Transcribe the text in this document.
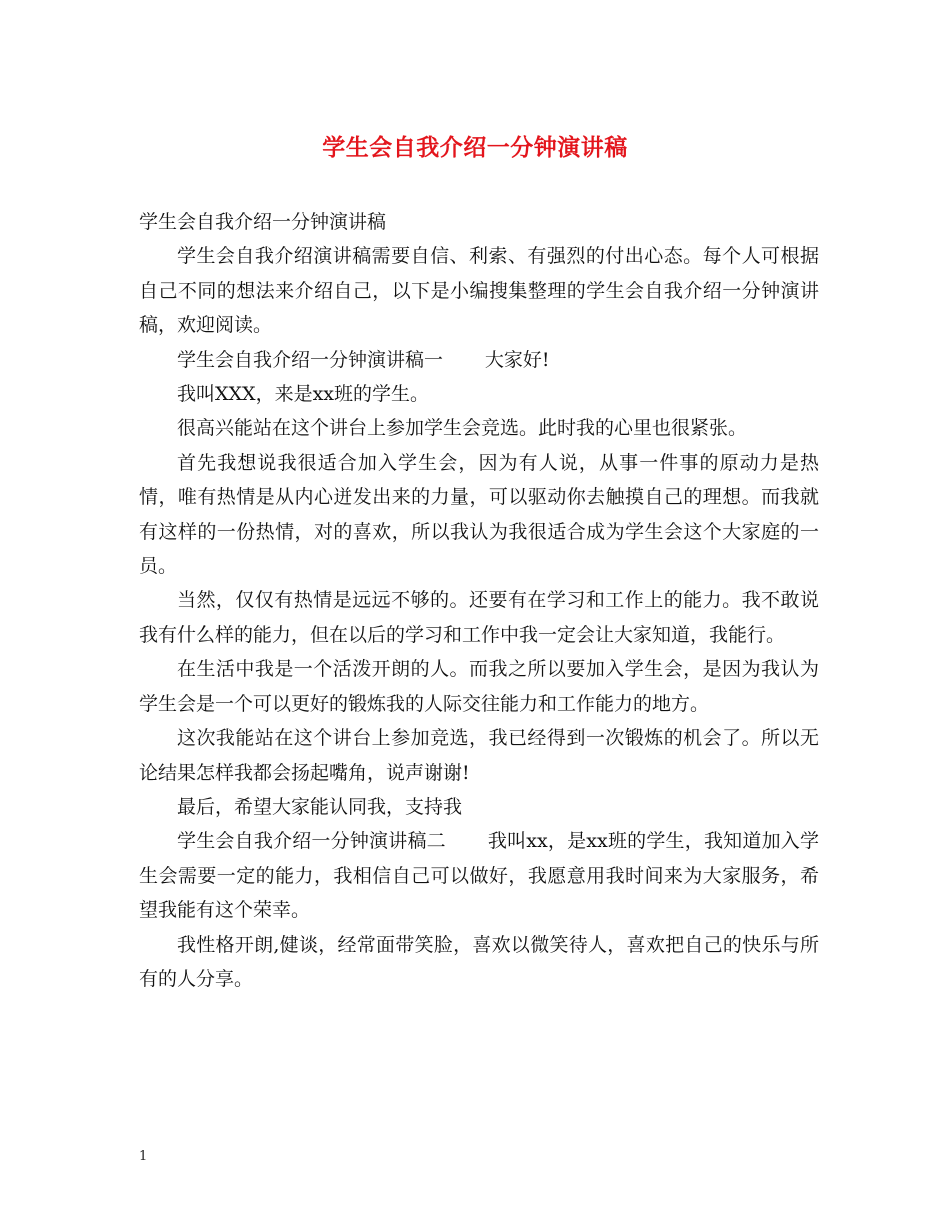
学生会自我介绍一分钟演讲稿

学生会自我介绍一分钟演讲稿

学生会自我介绍演讲稿需要自信、利索、有强烈的付出心态。每个人可根据自己不同的想法来介绍自己，以下是小编搜集整理的学生会自我介绍一分钟演讲稿，欢迎阅读。

学生会自我介绍一分钟演讲稿一 大家好!

我叫XXX，来是xx班的学生。

很高兴能站在这个讲台上参加学生会竞选。此时我的心里也很紧张。

首先我想说我很适合加入学生会，因为有人说，从事一件事的原动力是热情，唯有热情是从内心迸发出来的力量，可以驱动你去触摸自己的理想。而我就有这样的一份热情，对的喜欢，所以我认为我很适合成为学生会这个大家庭的一员。

当然，仅仅有热情是远远不够的。还要有在学习和工作上的能力。我不敢说我有什么样的能力，但在以后的学习和工作中我一定会让大家知道，我能行。

在生活中我是一个活泼开朗的人。而我之所以要加入学生会，是因为我认为学生会是一个可以更好的锻炼我的人际交往能力和工作能力的地方。

这次我能站在这个讲台上参加竞选，我已经得到一次锻炼的机会了。所以无论结果怎样我都会扬起嘴角，说声谢谢!

最后，希望大家能认同我，支持我

学生会自我介绍一分钟演讲稿二 我叫xx，是xx班的学生，我知道加入学生会需要一定的能力，我相信自己可以做好，我愿意用我时间来为大家服务，希望我能有这个荣幸。

我性格开朗,健谈，经常面带笑脸，喜欢以微笑待人，喜欢把自己的快乐与所有的人分享。

1
